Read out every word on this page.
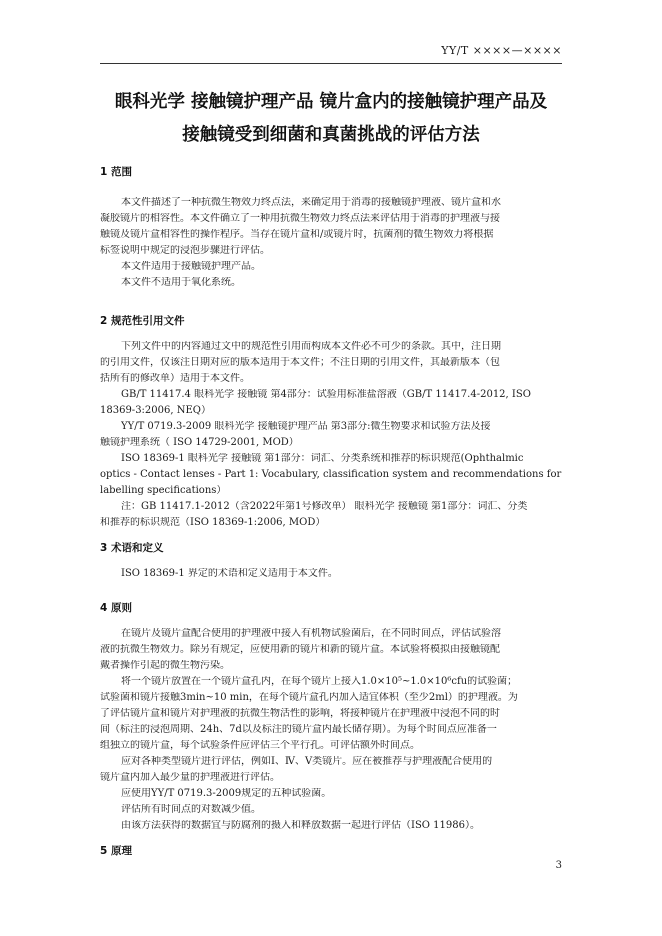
YY/T ××××—××××
眼科光学 接触镜护理产品 镜片盒内的接触镜护理产品及
接触镜受到细菌和真菌挑战的评估方法
1 范围
本文件描述了一种抗微生物效力终点法，来确定用于消毒的接触镜护理液、镜片盒和水
凝胶镜片的相容性。本文件确立了一种用抗微生物效力终点法来评估用于消毒的护理液与接
触镜及镜片盒相容性的操作程序。当存在镜片盒和/或镜片时，抗菌剂的微生物效力将根据
标签说明中规定的浸泡步骤进行评估。
本文件适用于接触镜护理产品。
本文件不适用于氧化系统。
2 规范性引用文件
下列文件中的内容通过文中的规范性引用而构成本文件必不可少的条款。其中，注日期
的引用文件，仅该注日期对应的版本适用于本文件；不注日期的引用文件，其最新版本（包
括所有的修改单）适用于本文件。
GB/T 11417.4 眼科光学 接触镜 第4部分：试验用标准盐溶液（GB/T 11417.4-2012, ISO
18369-3:2006, NEQ）
YY/T 0719.3-2009 眼科光学 接触镜护理产品 第3部分:微生物要求和试验方法及接
触镜护理系统（ ISO 14729-2001, MOD）
ISO 18369-1 眼科光学 接触镜 第1部分：词汇、分类系统和推荐的标识规范(Ophthalmic
optics - Contact lenses - Part 1: Vocabulary, classification system and recommendations for
labelling specifications）
注：GB 11417.1-2012（含2022年第1号修改单） 眼科光学 接触镜 第1部分：词汇、分类
和推荐的标识规范（ISO 18369-1:2006, MOD）
3 术语和定义
ISO 18369-1 界定的术语和定义适用于本文件。
4 原则
在镜片及镜片盒配合使用的护理液中接入有机物试验菌后，在不同时间点，评估试验溶
液的抗微生物效力。除另有规定，应使用新的镜片和新的镜片盒。本试验将模拟由接触镜配
戴者操作引起的微生物污染。
将一个镜片放置在一个镜片盒孔内，在每个镜片上接入1.0×10⁵~1.0×10⁶cfu的试验菌；
试验菌和镜片接触3min~10 min，在每个镜片盒孔内加入适宜体积（至少2ml）的护理液。为
了评估镜片盒和镜片对护理液的抗微生物活性的影响，将接种镜片在护理液中浸泡不同的时
间（标注的浸泡周期、24h、7d以及标注的镜片盒内最长储存期）。为每个时间点应准备一
组独立的镜片盒，每个试验条件应评估三个平行孔。可评估额外时间点。
应对各种类型镜片进行评估，例如Ⅰ、Ⅳ、Ⅴ类镜片。应在被推荐与护理液配合使用的
镜片盒内加入最少量的护理液进行评估。
应使用YY/T 0719.3-2009规定的五种试验菌。
评估所有时间点的对数减少值。
由该方法获得的数据宜与防腐剂的摄入和释放数据一起进行评估（ISO 11986）。
5 原理
3
